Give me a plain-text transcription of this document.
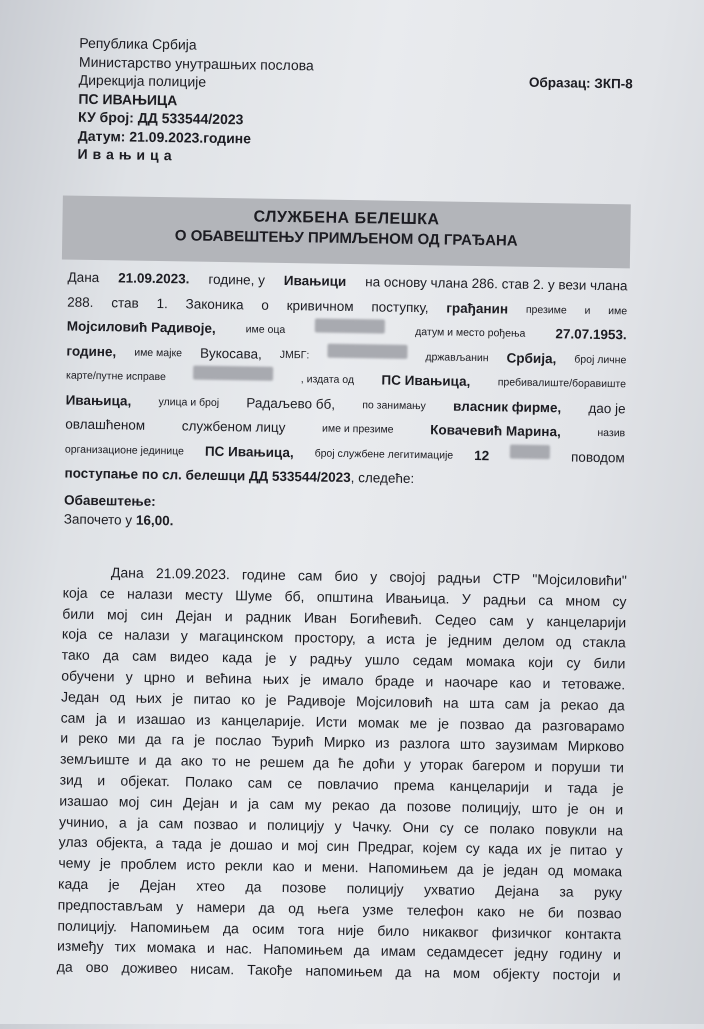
Република Србија
Министарство унутрашњих послова
Дирекција полиције
ПС ИВАЊИЦА
КУ број: ДД 533544/2023
Датум: 21.09.2023.године
Ивањица
Образац: ЗКП-8
СЛУЖБЕНА БЕЛЕШКА
О ОБАВЕШТЕЊУ ПРИМЉЕНОМ ОД ГРАЂАНА
Дана 21.09.2023. године, у Ивањици на основу члана 286. став 2. у вези члана
288. став 1. Законика о кривичном поступку, грађанин презиме и име
Мојсиловић Радивоје,	име оца	датум и место рођења 27.07.1953.
године, име мајке Вукосава, ЈМБГ:	држављанин Србија, број личне
карте/путне исправе	, издата од ПС Ивањица,	пребивалиште/боравиште
Ивањица,	улица и број Радаљево бб,	по занимању власник фирме, дао је
овлашћеном	службеном лицу	име и презиме	Ковачевић Марина,	назив
организационе јединице ПС Ивањица, број службене легитимације 12	поводом
поступање по сл. белешци ДД 533544/2023, следеће:
Обавештење:
Започето у 16,00.
Дана 21.09.2023. године сам био у својој радњи СТР "Мојсиловићи"
која се налази месту Шуме бб, општина Ивањица. У радњи са мном су
били мој син Дејан и радник Иван Богићевић. Седео сам у канцеларији
која се налази у магацинском простору, а иста је једним делом од стакла
тако да сам видео када је у радњу ушло седам момака који су били
обучени у црно и већина њих је имало браде и наочаре као и тетоваже.
Један од њих је питао ко је Радивоје Мојсиловић на шта сам ја рекао да
сам ја и изашао из канцеларије. Исти момак ме је позвао да разговарамо
и реко ми да га је послао Ђурић Мирко из разлога што заузимам Мирково
земљиште и да ако то не решем да ће доћи у уторак багером и поруши ти
зид и објекат. Полако сам се повлачио према канцеларији и тада је
изашао мој син Дејан и ја сам му рекао да позове полицију, што је он и
учинио, а ја сам позвао и полицију у Чачку. Они су се полако повукли на
улаз објекта, а тада је дошао и мој син Предраг, којем су када их је питао у
чему је проблем исто рекли као и мени. Напомињем да је један од момака
када је Дејан хтео да позове полицију ухватио Дејана за руку
предпостављам у намери да од њега узме телефон како не би позвао
полицију. Напомињем да осим тога није било никаквог физичког контакта
између тих момака и нас. Напомињем да имам седамдесет једну годину и
да ово доживео нисам. Такође напомињем да на мом објекту постоји и
